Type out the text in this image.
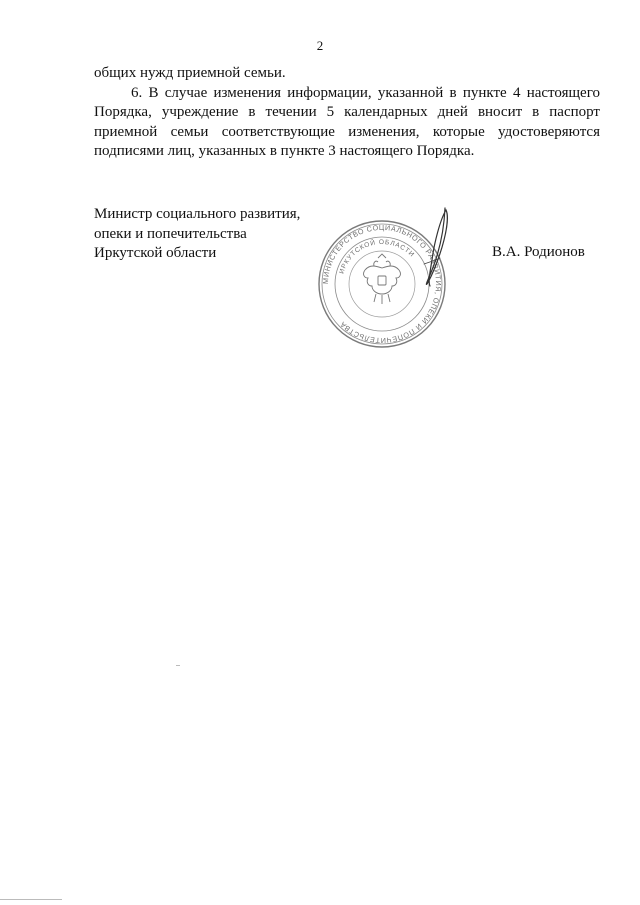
2

общих нужд приемной семьи.

6. В случае изменения информации, указанной в пункте 4 настоящего Порядка, учреждение в течении 5 календарных дней вносит в паспорт приемной семьи соответствующие изменения, которые удостоверяются подписями лиц, указанных в пункте 3 настоящего Порядка.

Министр социального развития,
опеки и попечительства
Иркутской области
МИНИСТЕРСТВО СОЦИАЛЬНОГО РАЗВИТИЯ, ОПЕКИ И ПОПЕЧИТЕЛЬСТВА
ИРКУТСКОЙ ОБЛАСТИ	В.А. Родионов
